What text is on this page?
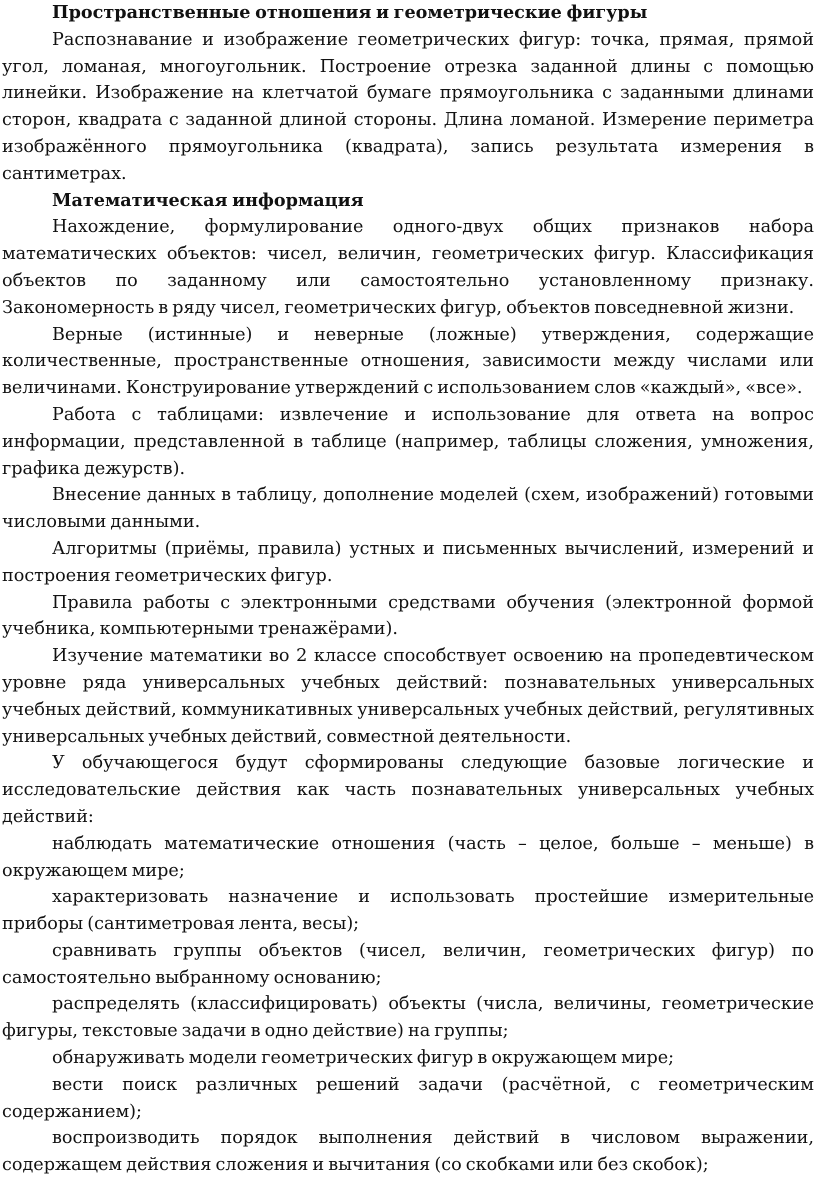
Пространственные отношения и геометрические фигуры

Распознавание и изображение геометрических фигур: точка, прямая, прямой угол, ломаная, многоугольник. Построение отрезка заданной длины с помощью линейки. Изображение на клетчатой бумаге прямоугольника с заданными длинами сторон, квадрата с заданной длиной стороны. Длина ломаной. Измерение периметра изображённого прямоугольника (квадрата), запись результата измерения в сантиметрах.

Математическая информация

Нахождение, формулирование одного-двух общих признаков набора математических объектов: чисел, величин, геометрических фигур. Классификация объектов по заданному или самостоятельно установленному признаку. Закономерность в ряду чисел, геометрических фигур, объектов повседневной жизни.

Верные (истинные) и неверные (ложные) утверждения, содержащие количественные, пространственные отношения, зависимости между числами или величинами. Конструирование утверждений с использованием слов «каждый», «все».

Работа с таблицами: извлечение и использование для ответа на вопрос информации, представленной в таблице (например, таблицы сложения, умножения, графика дежурств).

Внесение данных в таблицу, дополнение моделей (схем, изображений) готовыми числовыми данными.

Алгоритмы (приёмы, правила) устных и письменных вычислений, измерений и построения геометрических фигур.

Правила работы с электронными средствами обучения (электронной формой учебника, компьютерными тренажёрами).

Изучение математики во 2 классе способствует освоению на пропедевтическом уровне ряда универсальных учебных действий: познавательных универсальных учебных действий, коммуникативных универсальных учебных действий, регулятивных универсальных учебных действий, совместной деятельности.

У обучающегося будут сформированы следующие базовые логические и исследовательские действия как часть познавательных универсальных учебных действий:

наблюдать математические отношения (часть – целое, больше – меньше) в окружающем мире;

характеризовать назначение и использовать простейшие измерительные приборы (сантиметровая лента, весы);

сравнивать группы объектов (чисел, величин, геометрических фигур) по самостоятельно выбранному основанию;

распределять (классифицировать) объекты (числа, величины, геометрические фигуры, текстовые задачи в одно действие) на группы;

обнаруживать модели геометрических фигур в окружающем мире;

вести поиск различных решений задачи (расчётной, с геометрическим содержанием);

воспроизводить порядок выполнения действий в числовом выражении, содержащем действия сложения и вычитания (со скобками или без скобок);
